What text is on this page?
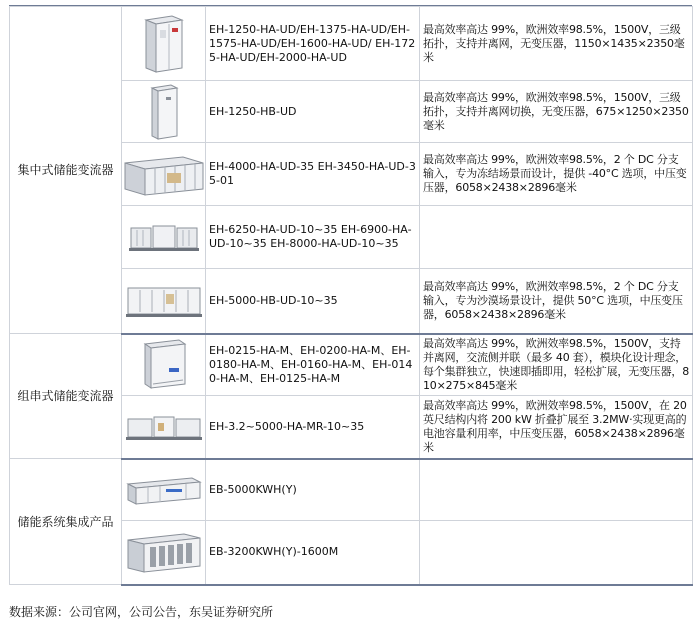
集中式储能变流器		EH-1250-HA-UD/EH-1375-HA-UD/EH-1575-HA-UD/EH-1600-HA-UD/ EH-1725-HA-UD/EH-2000-HA-UD	最高效率高达 99%，欧洲效率98.5%，1500V，三级拓扑，支持并离网，无变压器，1150×1435×2350毫米
	EH-1250-HB-UD	最高效率高达 99%，欧洲效率98.5%，1500V，三级拓扑，支持并离网切换，无变压器，675×1250×2350毫米
	EH-4000-HA-UD-35 EH-3450-HA-UD-35-01	最高效率高达 99%，欧洲效率98.5%，2 个 DC 分支输入，专为冻结场景而设计，提供 -40°C 选项，中压变压器，6058×2438×2896毫米
	EH-6250-HA-UD-10~35 EH-6900-HA-UD-10~35 EH-8000-HA-UD-10~35	
	EH-5000-HB-UD-10~35	最高效率高达 99%，欧洲效率98.5%，2 个 DC 分支输入，专为沙漠场景设计，提供 50°C 选项，中压变压器，6058×2438×2896毫米
组串式储能变流器		EH-0215-HA-M、EH-0200-HA-M、EH-0180-HA-M、EH-0160-HA-M、EH-0140-HA-M、EH-0125-HA-M	最高效率高达 99%，欧洲效率98.5%，1500V，支持并离网，交流侧并联（最多 40 套），模块化设计理念，每个集群独立，快速即插即用，轻松扩展，无变压器，810×275×845毫米
	EH-3.2~5000-HA-MR-10~35	最高效率高达 99%，欧洲效率98.5%，1500V，在 20 英尺结构内将 200 kW 折叠扩展至 3.2MW·实现更高的电池容量利用率，中压变压器，6058×2438×2896毫米
储能系统集成产品		EB-5000KWH(Y)	
	EB-3200KWH(Y)-1600M	
数据来源：公司官网，公司公告，东吴证券研究所
